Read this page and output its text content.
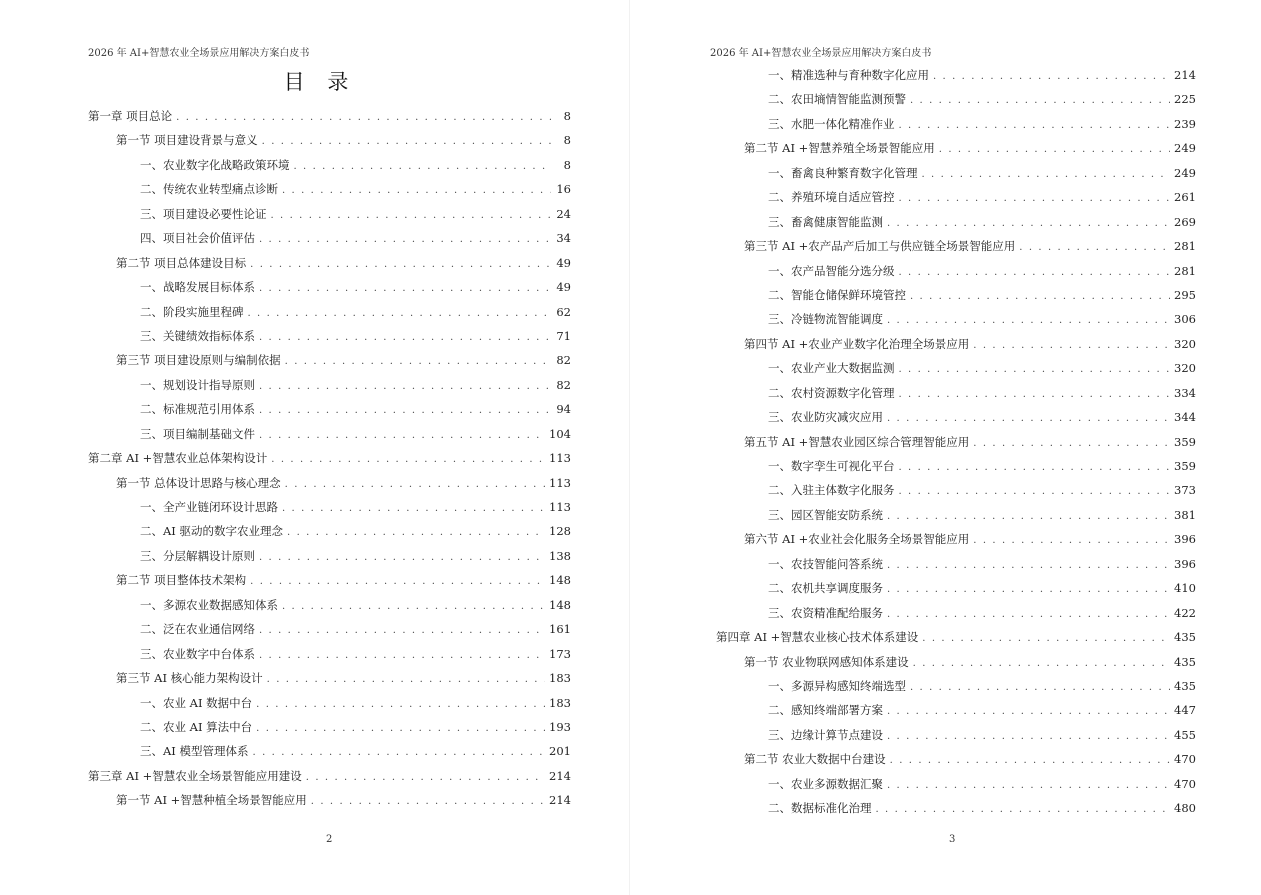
2026 年 AI+智慧农业全场景应用解决方案白皮书
目 录
第一章 项目总论 . . .	8
第一节 项目建设背景与意义 . . .	8
一、农业数字化战略政策环境 . . .	8
二、传统农业转型痛点诊断 . . .	16
三、项目建设必要性论证 . . .	24
四、项目社会价值评估 . . .	34
第二节 项目总体建设目标 . . .	49
一、战略发展目标体系 . . .	49
二、阶段实施里程碑 . . .	62
三、关键绩效指标体系 . . .	71
第三节 项目建设原则与编制依据 . . .	82
一、规划设计指导原则 . . .	82
二、标准规范引用体系 . . .	94
三、项目编制基础文件 . . .	104
第二章 AI +智慧农业总体架构设计 . . .	113
第一节 总体设计思路与核心理念 . . .	113
一、全产业链闭环设计思路 . . .	113
二、AI 驱动的数字农业理念 . . .	128
三、分层解耦设计原则 . . .	138
第二节 项目整体技术架构 . . .	148
一、多源农业数据感知体系 . . .	148
二、泛在农业通信网络 . . .	161
三、农业数字中台体系 . . .	173
第三节 AI 核心能力架构设计 . . .	183
一、农业 AI 数据中台 . . .	183
二、农业 AI 算法中台 . . .	193
三、AI 模型管理体系 . . .	201
第三章 AI +智慧农业全场景智能应用建设 . . .	214
第一节 AI +智慧种植全场景智能应用 . . .	214
2
2026 年 AI+智慧农业全场景应用解决方案白皮书
一、精准选种与育种数字化应用 . . .	214
二、农田墒情智能监测预警 . . .	225
三、水肥一体化精准作业 . . .	239
第二节 AI +智慧养殖全场景智能应用 . . .	249
一、畜禽良种繁育数字化管理 . . .	249
二、养殖环境自适应管控 . . .	261
三、畜禽健康智能监测 . . .	269
第三节 AI +农产品产后加工与供应链全场景智能应用 . . .	281
一、农产品智能分选分级 . . .	281
二、智能仓储保鲜环境管控 . . .	295
三、冷链物流智能调度 . . .	306
第四节 AI +农业产业数字化治理全场景应用 . . .	320
一、农业产业大数据监测 . . .	320
二、农村资源数字化管理 . . .	334
三、农业防灾减灾应用 . . .	344
第五节 AI +智慧农业园区综合管理智能应用 . . .	359
一、数字孪生可视化平台 . . .	359
二、入驻主体数字化服务 . . .	373
三、园区智能安防系统 . . .	381
第六节 AI +农业社会化服务全场景智能应用 . . .	396
一、农技智能问答系统 . . .	396
二、农机共享调度服务 . . .	410
三、农资精准配给服务 . . .	422
第四章 AI +智慧农业核心技术体系建设 . . .	435
第一节 农业物联网感知体系建设 . . .	435
一、多源异构感知终端选型 . . .	435
二、感知终端部署方案 . . .	447
三、边缘计算节点建设 . . .	455
第二节 农业大数据中台建设 . . .	470
一、农业多源数据汇聚 . . .	470
二、数据标准化治理 . . .	480
3
